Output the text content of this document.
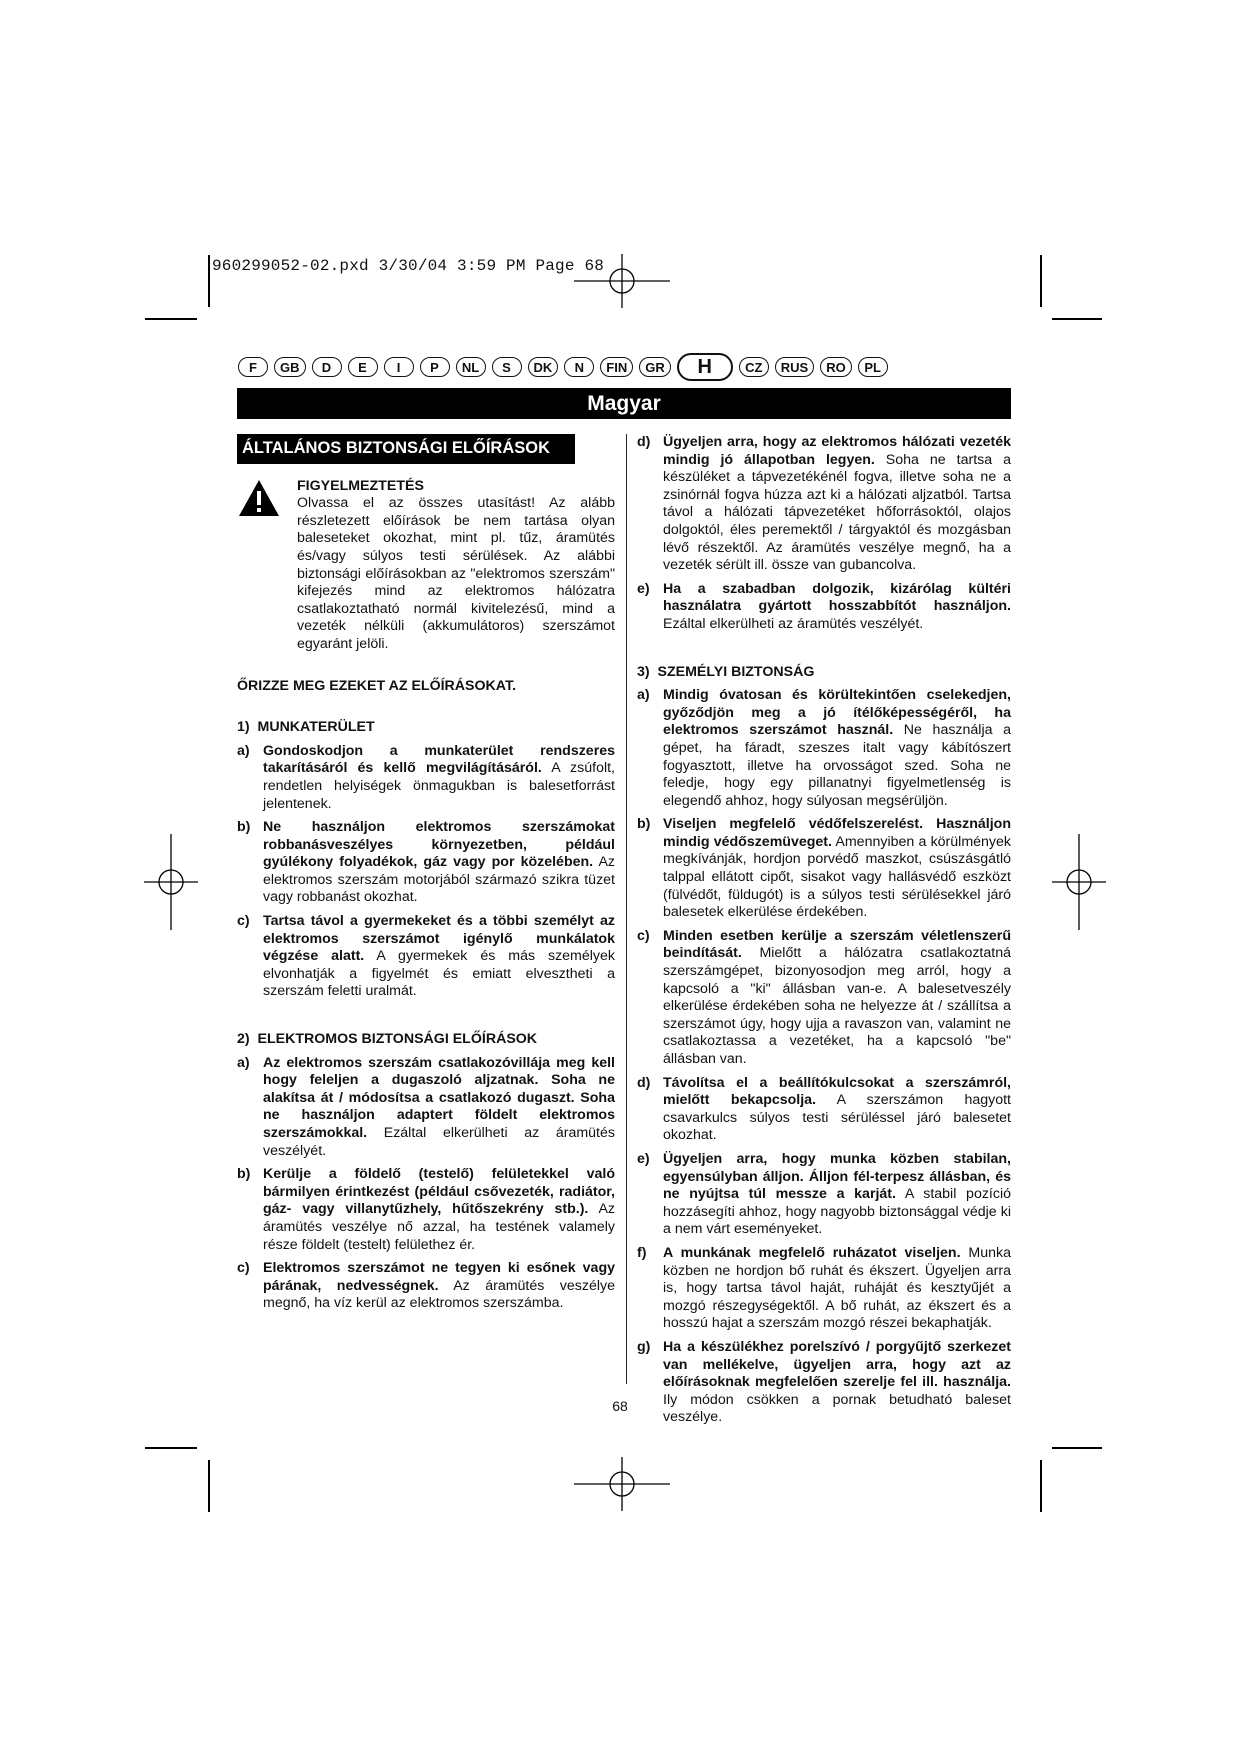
960299052-02.pxd 3/30/04 3:59 PM Page 68
F	GB	D	E	I	P	NL	S	DK	N	FIN	GR	H	CZ	RUS	RO	PL
Magyar
ÁLTALÁNOS BIZTONSÁGI ELŐÍRÁSOK
FIGYELMEZTETÉS
Olvassa el az összes utasítást! Az alább részletezett előírások be nem tartása olyan baleseteket okozhat, mint pl. tűz, áramütés és/vagy súlyos testi sérülések. Az alábbi biztonsági előírásokban az "elektromos szerszám" kifejezés mind az elektromos hálózatra csatlakoztatható normál kivitelezésű, mind a vezeték nélküli (akkumulátoros) szerszámot egyaránt jelöli.
ŐRIZZE MEG EZEKET AZ ELŐÍRÁSOKAT.
1)  MUNKATERÜLET
a) Gondoskodjon a munkaterület rendszeres takarításáról és kellő megvilágításáról. A zsúfolt, rendetlen helyiségek önmagukban is balesetforrást jelentenek.
b) Ne használjon elektromos szerszámokat robbanásveszélyes környezetben, például gyúlékony folyadékok, gáz vagy por közelében. Az elektromos szerszám motorjából származó szikra tüzet vagy robbanást okozhat.
c) Tartsa távol a gyermekeket és a többi személyt az elektromos szerszámot igénylő munkálatok végzése alatt. A gyermekek és más személyek elvonhatják a figyelmét és emiatt elvesztheti a szerszám feletti uralmát.
2)  ELEKTROMOS BIZTONSÁGI ELŐÍRÁSOK
a) Az elektromos szerszám csatlakozóvillája meg kell hogy feleljen a dugaszoló aljzatnak. Soha ne alakítsa át / módosítsa a csatlakozó dugaszt. Soha ne használjon adaptert földelt elektromos szerszámokkal. Ezáltal elkerülheti az áramütés veszélyét.
b) Kerülje a földelő (testelő) felületekkel való bármilyen érintkezést (például csővezeték, radiátor, gáz- vagy villanytűzhely, hűtőszekrény stb.). Az áramütés veszélye nő azzal, ha testének valamely része földelt (testelt) felülethez ér.
c) Elektromos szerszámot ne tegyen ki esőnek vagy párának, nedvességnek. Az áramütés veszélye megnő, ha víz kerül az elektromos szerszámba.
d) Ügyeljen arra, hogy az elektromos hálózati vezeték mindig jó állapotban legyen. Soha ne tartsa a készüléket a tápvezetékénél fogva, illetve soha ne a zsinórnál fogva húzza azt ki a hálózati aljzatból. Tartsa távol a hálózati tápvezetéket hőforrásoktól, olajos dolgoktól, éles peremektől / tárgyaktól és mozgásban lévő részektől. Az áramütés veszélye megnő, ha a vezeték sérült ill. össze van gubancolva.
e) Ha a szabadban dolgozik, kizárólag kültéri használatra gyártott hosszabbítót használjon. Ezáltal elkerülheti az áramütés veszélyét.
3)  SZEMÉLYI BIZTONSÁG
a) Mindig óvatosan és körültekintően cselekedjen, győződjön meg a jó ítélőképességéről, ha elektromos szerszámot használ. Ne használja a gépet, ha fáradt, szeszes italt vagy kábítószert fogyasztott, illetve ha orvosságot szed. Soha ne feledje, hogy egy pillanatnyi figyelmetlenség is elegendő ahhoz, hogy súlyosan megsérüljön.
b) Viseljen megfelelő védőfelszerelést. Használjon mindig védőszemüveget. Amennyiben a körülmények megkívánják, hordjon porvédő maszkot, csúszásgátló talppal ellátott cipőt, sisakot vagy hallásvédő eszközt (fülvédőt, füldugót) is a súlyos testi sérülésekkel járó balesetek elkerülése érdekében.
c) Minden esetben kerülje a szerszám véletlenszerű beindítását. Mielőtt a hálózatra csatlakoztatná szerszámgépet, bizonyosodjon meg arról, hogy a kapcsoló a "ki" állásban van-e. A balesetveszély elkerülése érdekében soha ne helyezze át / szállítsa a szerszámot úgy, hogy ujja a ravaszon van, valamint ne csatlakoztassa a vezetéket, ha a kapcsoló "be" állásban van.
d) Távolítsa el a beállítókulcsokat a szerszámról, mielőtt bekapcsolja. A szerszámon hagyott csavarkulcs súlyos testi sérüléssel járó balesetet okozhat.
e) Ügyeljen arra, hogy munka közben stabilan, egyensúlyban álljon. Álljon fél-terpesz állásban, és ne nyújtsa túl messze a karját. A stabil pozíció hozzásegíti ahhoz, hogy nagyobb biztonsággal védje ki a nem várt eseményeket.
f)	A munkának megfelelő ruházatot viseljen. Munka közben ne hordjon bő ruhát és ékszert. Ügyeljen arra is, hogy tartsa távol haját, ruháját és kesztyűjét a mozgó részegységektől. A bő ruhát, az ékszert és a hosszú hajat a szerszám mozgó részei bekaphatják.
g) Ha a készülékhez porelszívó / porgyűjtő szerkezet van mellékelve, ügyeljen arra, hogy azt az előírásoknak megfelelően szerelje fel ill. használja. Ily módon csökken a pornak betudható baleset veszélye.
68
